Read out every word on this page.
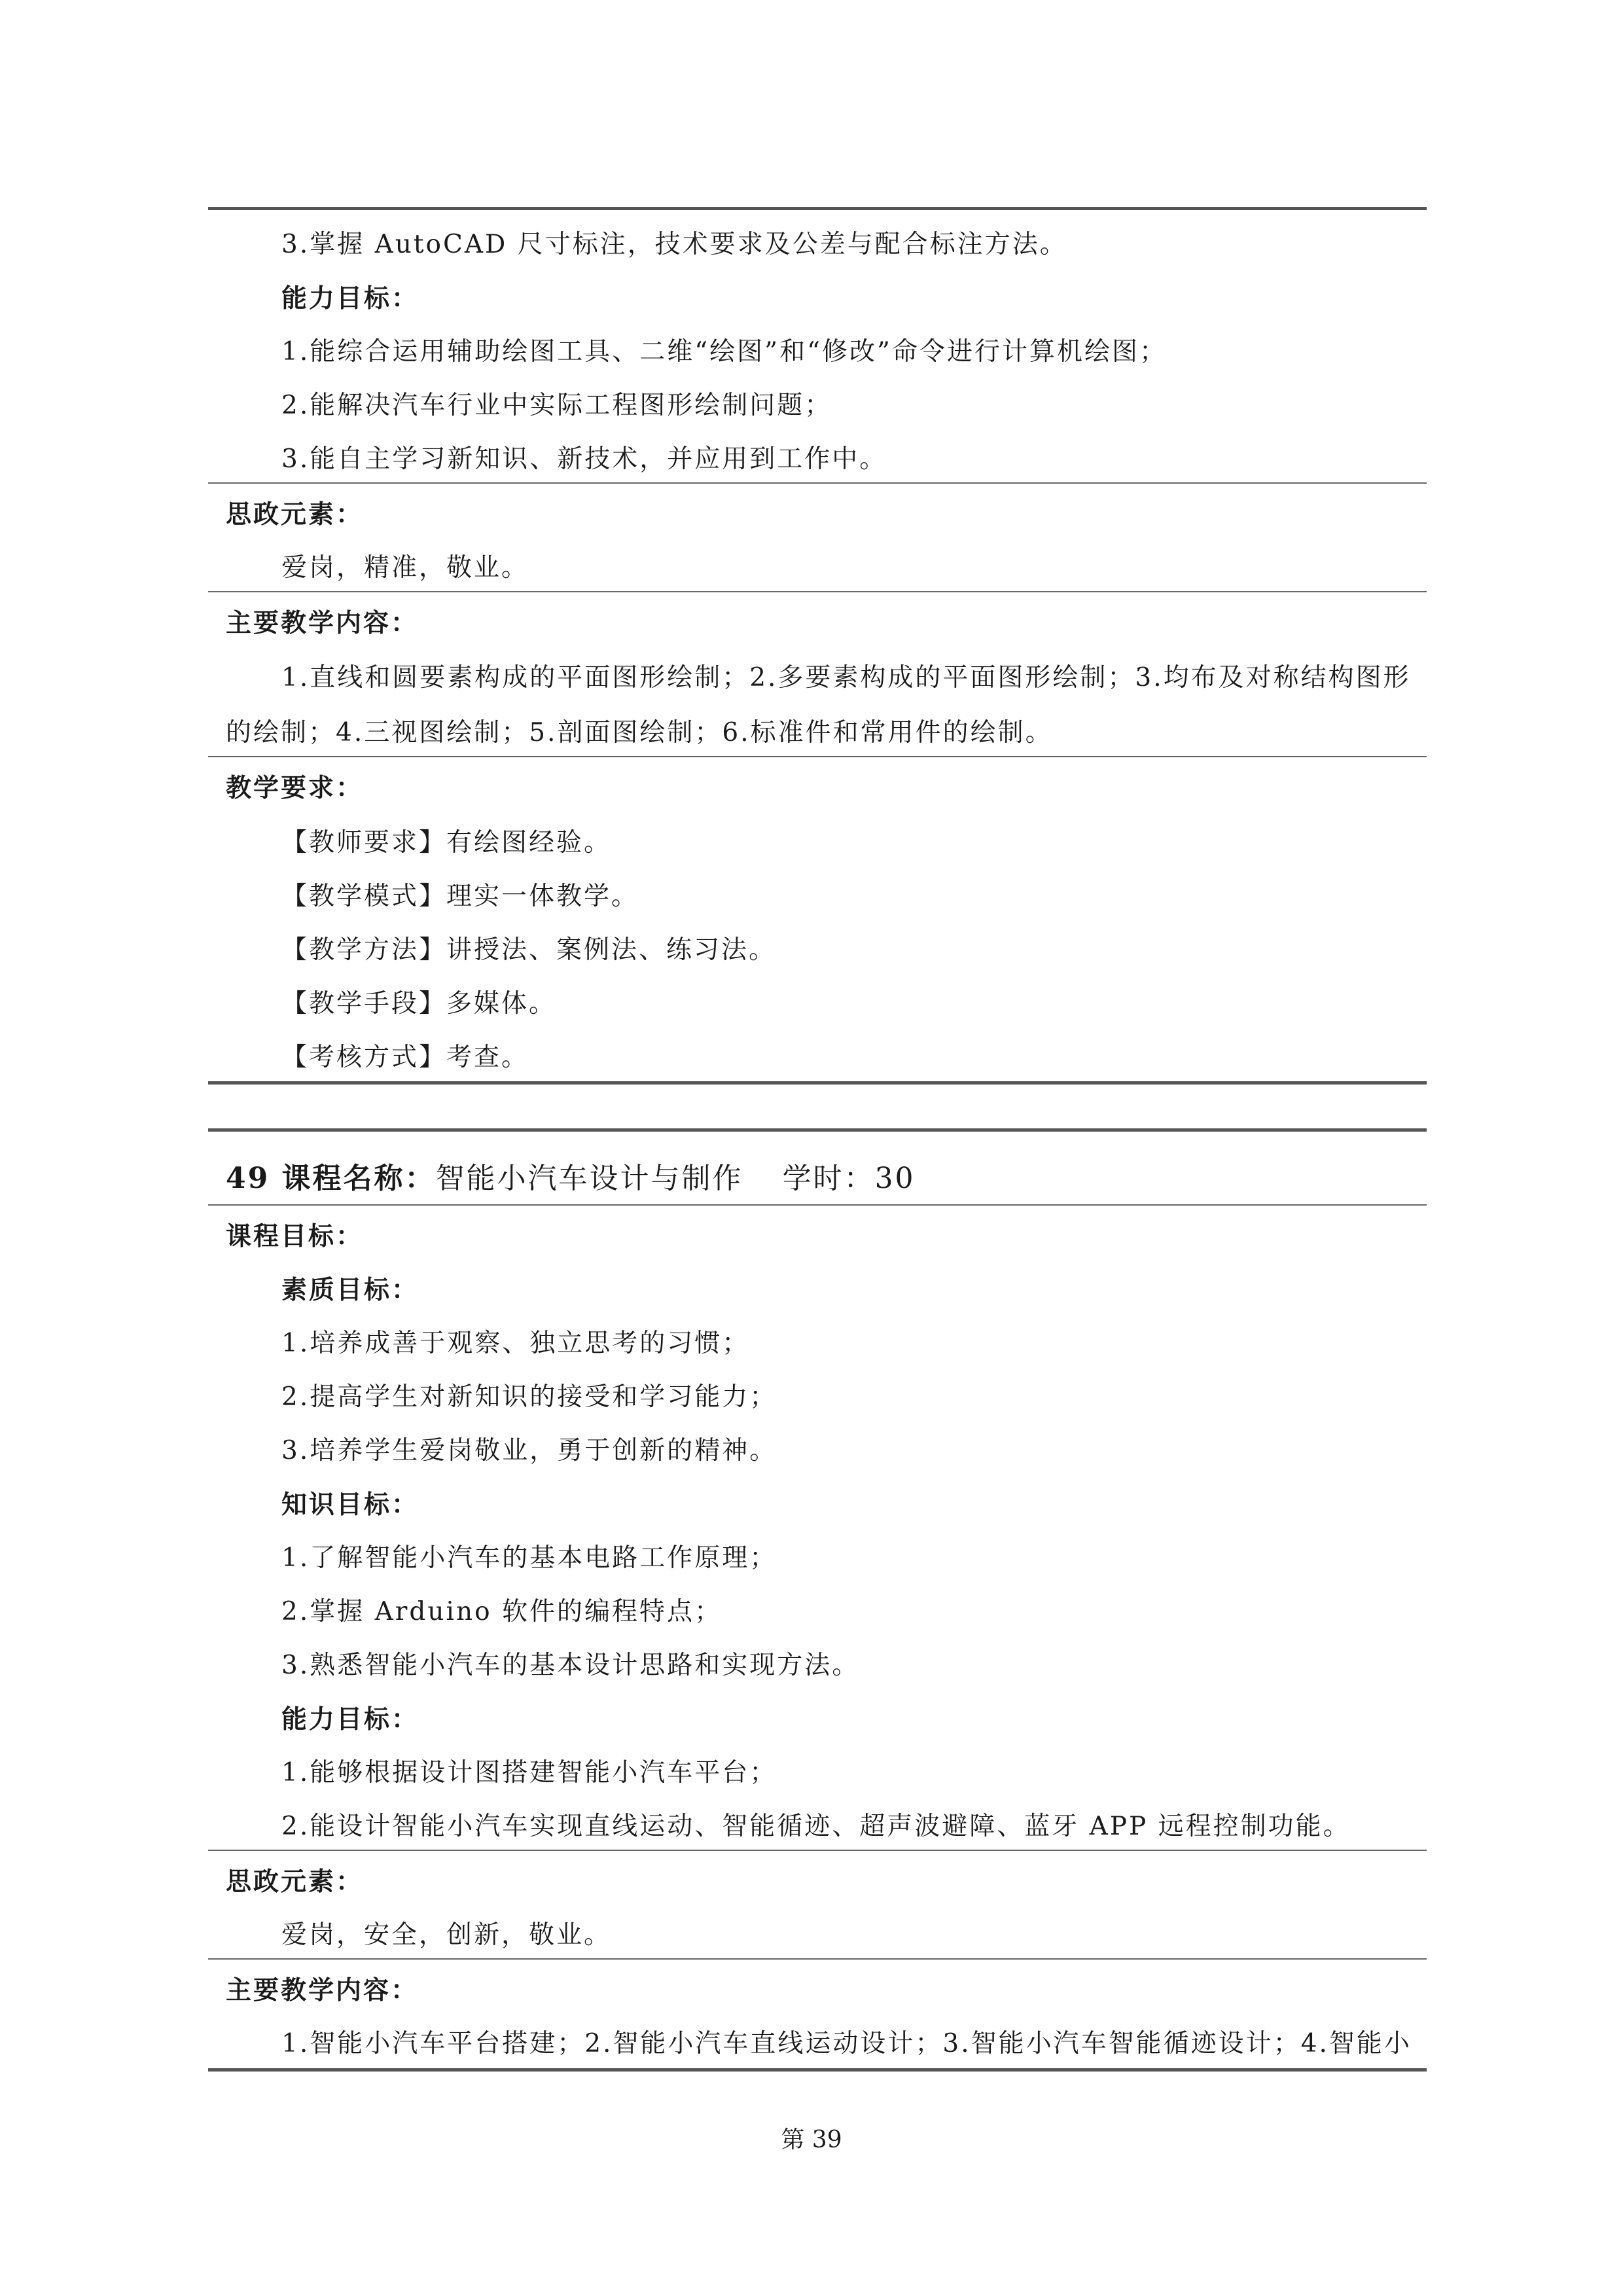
3.掌握 AutoCAD 尺寸标注，技术要求及公差与配合标注方法。
能力目标：
1.能综合运用辅助绘图工具、二维“绘图”和“修改”命令进行计算机绘图；
2.能解决汽车行业中实际工程图形绘制问题；
3.能自主学习新知识、新技术，并应用到工作中。
思政元素：
爱岗，精准，敬业。
主要教学内容：
1.直线和圆要素构成的平面图形绘制；2.多要素构成的平面图形绘制；3.均布及对称结构图形
的绘制；4.三视图绘制；5.剖面图绘制；6.标准件和常用件的绘制。
教学要求：
【教师要求】有绘图经验。
【教学模式】理实一体教学。
【教学方法】讲授法、案例法、练习法。
【教学手段】多媒体。
【考核方式】考查。
49 课程名称：智能小汽车设计与制作 学时：30
课程目标：
素质目标：
1.培养成善于观察、独立思考的习惯；
2.提高学生对新知识的接受和学习能力；
3.培养学生爱岗敬业，勇于创新的精神。
知识目标：
1.了解智能小汽车的基本电路工作原理；
2.掌握 Arduino 软件的编程特点；
3.熟悉智能小汽车的基本设计思路和实现方法。
能力目标：
1.能够根据设计图搭建智能小汽车平台；
2.能设计智能小汽车实现直线运动、智能循迹、超声波避障、蓝牙 APP 远程控制功能。
思政元素：
爱岗，安全，创新，敬业。
主要教学内容：
1.智能小汽车平台搭建；2.智能小汽车直线运动设计；3.智能小汽车智能循迹设计；4.智能小
第 39
